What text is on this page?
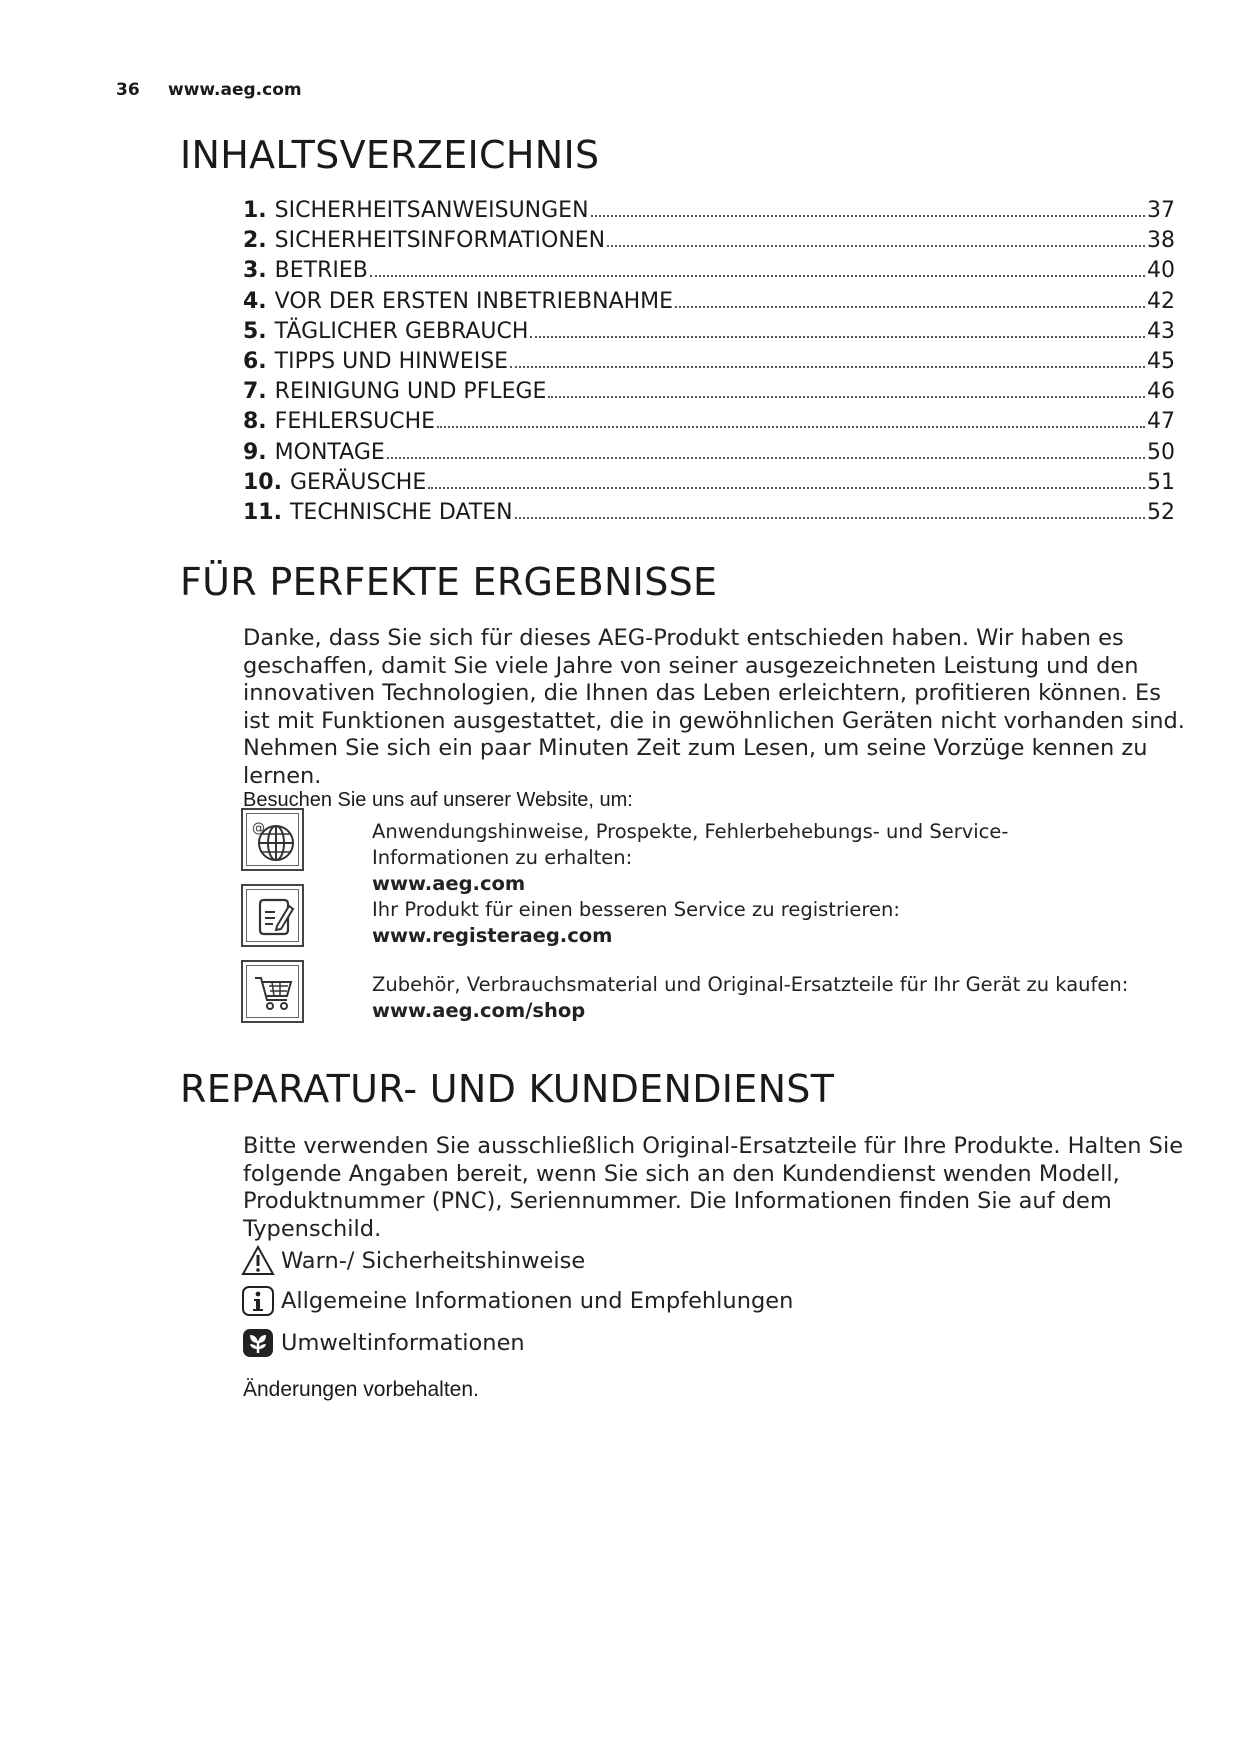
36 www.aeg.com
INHALTSVERZEICHNIS
1. SICHERHEITSANWEISUNGEN	37
2. SICHERHEITSINFORMATIONEN	38
3. BETRIEB	40
4. VOR DER ERSTEN INBETRIEBNAHME	42
5. TÄGLICHER GEBRAUCH	43
6. TIPPS UND HINWEISE	45
7. REINIGUNG UND PFLEGE	46
8. FEHLERSUCHE	47
9. MONTAGE	50
10. GERÄUSCHE	51
11. TECHNISCHE DATEN	52
FÜR PERFEKTE ERGEBNISSE
Danke, dass Sie sich für dieses AEG-Produkt entschieden haben. Wir haben es geschaffen, damit Sie viele Jahre von seiner ausgezeichneten Leistung und den innovativen Technologien, die Ihnen das Leben erleichtern, profitieren können. Es ist mit Funktionen ausgestattet, die in gewöhnlichen Geräten nicht vorhanden sind. Nehmen Sie sich ein paar Minuten Zeit zum Lesen, um seine Vorzüge kennen zu lernen.
Besuchen Sie uns auf unserer Website, um:
@	Anwendungshinweise, Prospekte, Fehlerbehebungs- und Service-Informationen zu erhalten:
www.aeg.com
Ihr Produkt für einen besseren Service zu registrieren:
www.registeraeg.com
Zubehör, Verbrauchsmaterial und Original-Ersatzteile für Ihr Gerät zu kaufen:
www.aeg.com/shop
REPARATUR- UND KUNDENDIENST
Bitte verwenden Sie ausschließlich Original-Ersatzteile für Ihre Produkte. Halten Sie folgende Angaben bereit, wenn Sie sich an den Kundendienst wenden Modell, Produktnummer (PNC), Seriennummer. Die Informationen finden Sie auf dem Typenschild.
Warn-/ Sicherheitshinweise
Allgemeine Informationen und Empfehlungen
Umweltinformationen
Änderungen vorbehalten.
